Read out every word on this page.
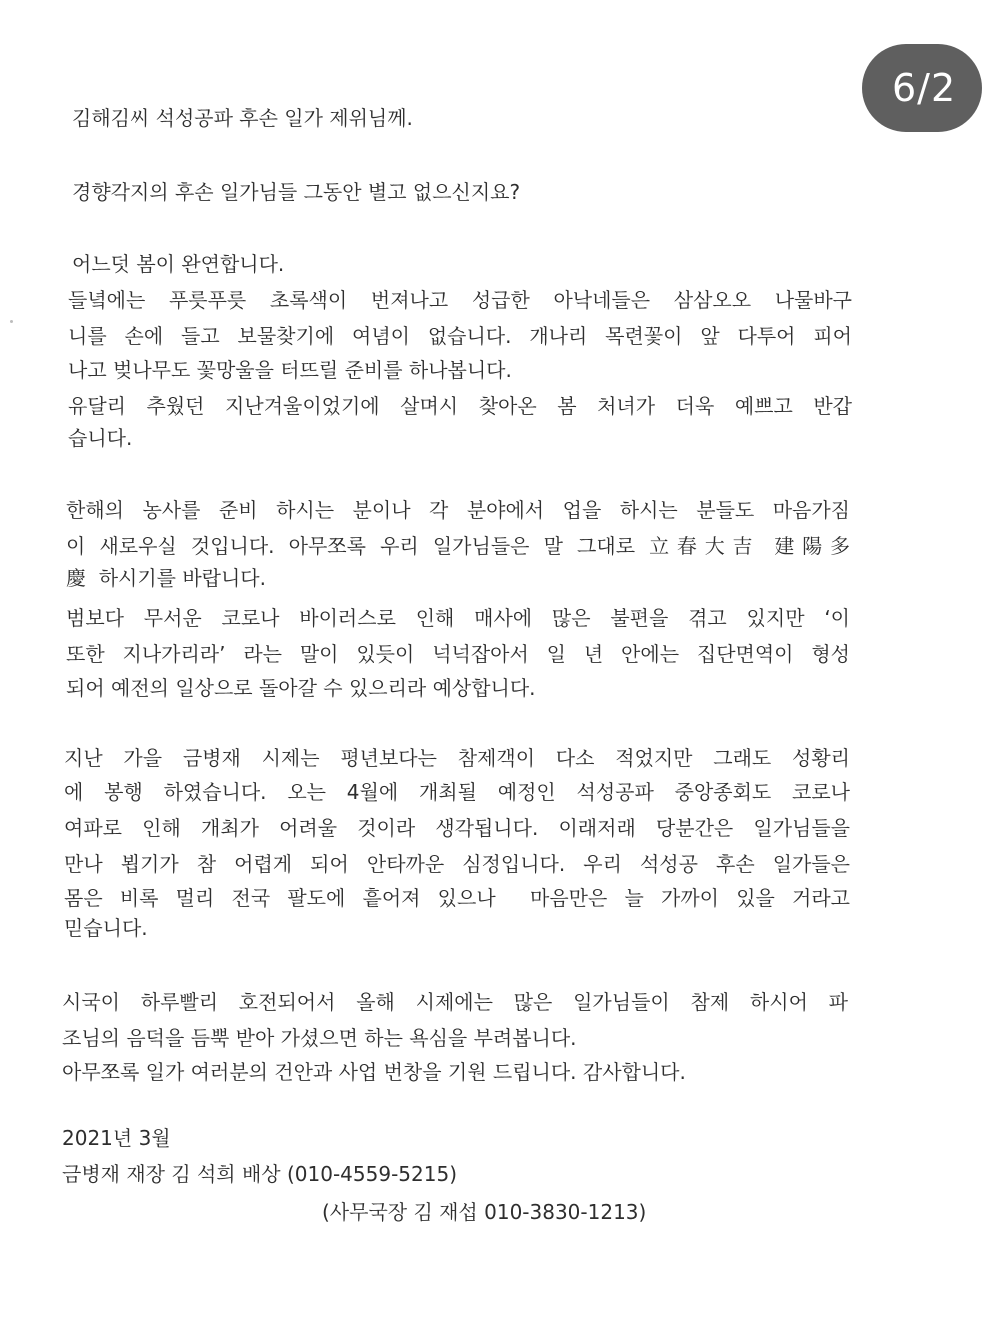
6/2

김해김씨 석성공파 후손 일가 제위님께.

경향각지의 후손 일가님들 그동안 별고 없으신지요?

어느덧 봄이 완연합니다.

들녘에는 푸릇푸릇 초록색이 번져나고 성급한 아낙네들은 삼삼오오 나물바구

니를 손에 들고 보물찾기에 여념이 없습니다. 개나리 목련꽃이 앞 다투어 피어

나고 벚나무도 꽃망울을 터뜨릴 준비를 하나봅니다.

유달리 추웠던 지난겨울이었기에 살며시 찾아온 봄 처녀가 더욱 예쁘고 반갑

습니다.

한해의 농사를 준비 하시는 분이나 각 분야에서 업을 하시는 분들도 마음가짐

이 새로우실 것입니다. 아무쪼록 우리 일가님들은 말 그대로 立春大吉 建陽多

慶  하시기를 바랍니다.

범보다 무서운 코로나 바이러스로 인해 매사에 많은 불편을 겪고 있지만 ‘이

또한 지나가리라’ 라는 말이 있듯이 넉넉잡아서 일 년 안에는 집단면역이 형성

되어 예전의 일상으로 돌아갈 수 있으리라 예상합니다.

지난 가을 금병재 시제는 평년보다는 참제객이 다소 적었지만 그래도 성황리

에 봉행 하였습니다. 오는 4월에 개최될 예정인 석성공파 중앙종회도 코로나

여파로 인해 개최가 어려울 것이라 생각됩니다. 이래저래 당분간은 일가님들을

만나 뵙기가 참 어렵게 되어 안타까운 심정입니다. 우리 석성공 후손 일가들은

몸은 비록 멀리 전국 팔도에 흩어져 있으나  마음만은 늘 가까이 있을 거라고

믿습니다.

시국이 하루빨리 호전되어서 올해 시제에는 많은 일가님들이 참제 하시어 파

조님의 음덕을 듬뿍 받아 가셨으면 하는 욕심을 부려봅니다.

아무쪼록 일가 여러분의 건안과 사업 번창을 기원 드립니다. 감사합니다.

2021년 3월

금병재 재장 김 석희 배상 (010-4559-5215)

(사무국장 김 재섭 010-3830-1213)
